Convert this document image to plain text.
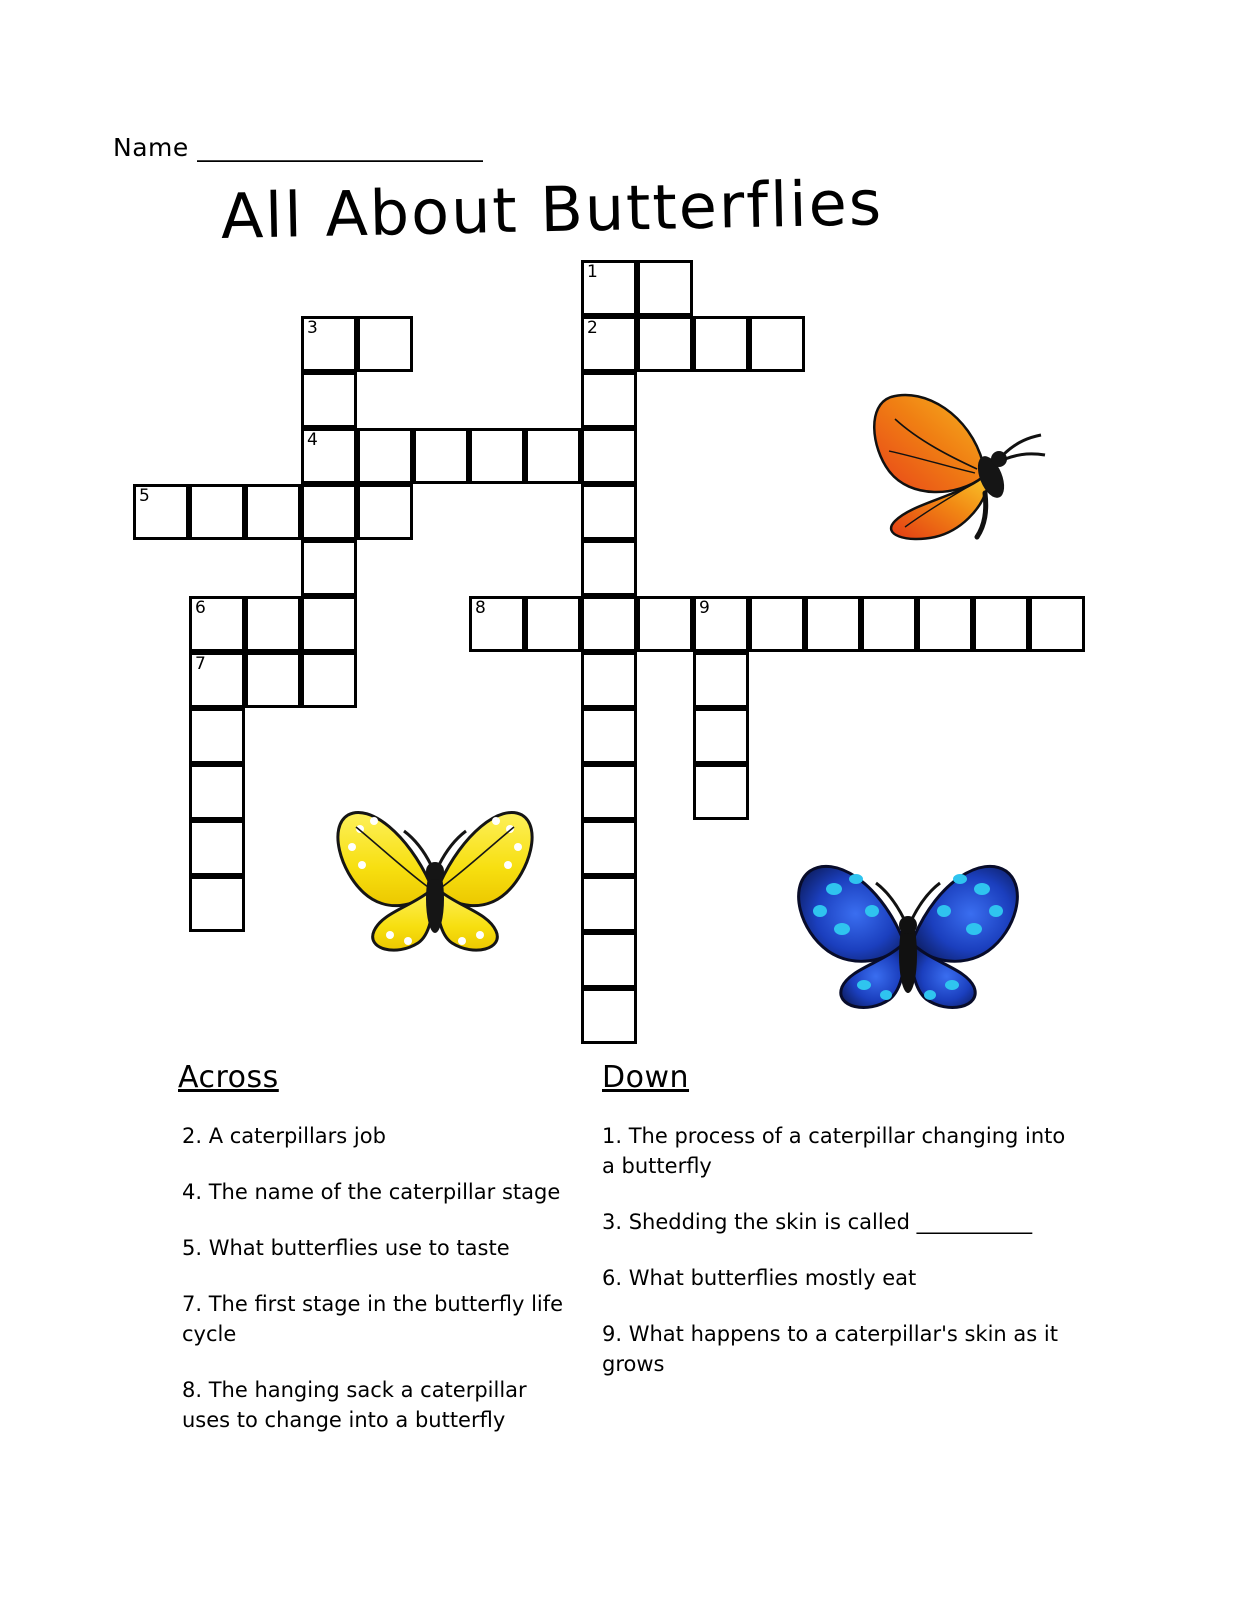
Name ______________________
All About Butterflies
1
3	2
4
5
6	8	9
7
Across

2. A caterpillars job

4. The name of the caterpillar stage

5. What butterflies use to taste

7. The first stage in the butterfly life cycle

8. The hanging sack a caterpillar uses to change into a butterfly

Down

1. The process of a caterpillar changing into a butterfly

3. Shedding the skin is called ___________

6. What butterflies mostly eat

9. What happens to a caterpillar's skin as it grows
